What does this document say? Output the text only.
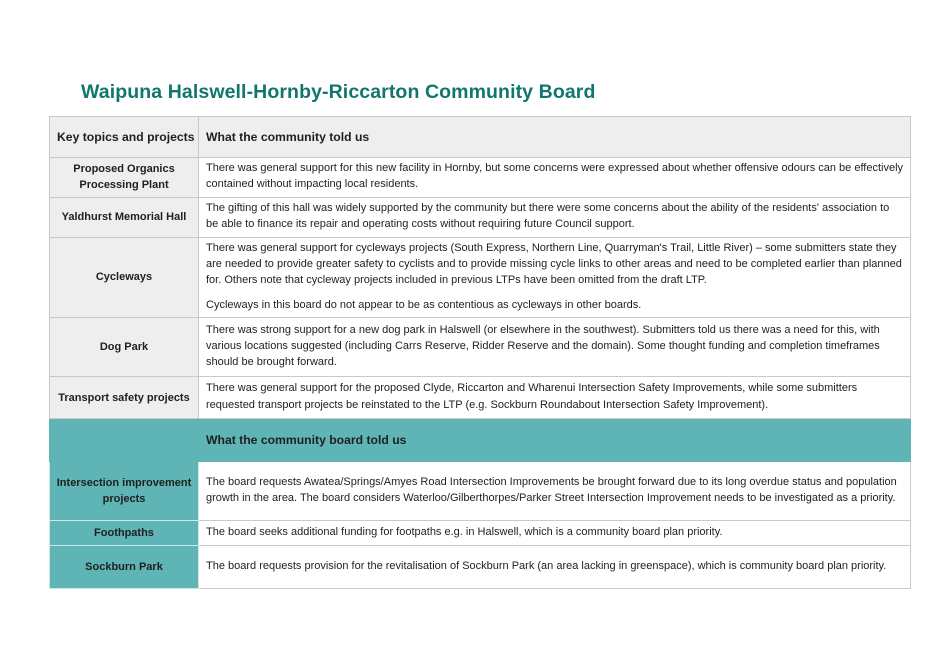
Waipuna Halswell-Hornby-Riccarton Community Board
Key topics and projects	What the community told us
Proposed Organics Processing Plant	There was general support for this new facility in Hornby, but some concerns were expressed about whether offensive odours can be effectively contained without impacting local residents.

Yaldhurst Memorial Hall	The gifting of this hall was widely supported by the community but there were some concerns about the ability of the residents' association to be able to finance its repair and operating costs without requiring future Council support.

Cycleways	There was general support for cycleways projects (South Express, Northern Line, Quarryman's Trail, Little River) – some submitters state they are needed to provide greater safety to cyclists and to provide missing cycle links to other areas and need to be completed earlier than planned for. Others note that cycleway projects included in previous LTPs have been omitted from the draft LTP.

Cycleways in this board do not appear to be as contentious as cycleways in other boards.

Dog Park	There was strong support for a new dog park in Halswell (or elsewhere in the southwest). Submitters told us there was a need for this, with various locations suggested (including Carrs Reserve, Ridder Reserve and the domain). Some thought funding and completion timeframes should be brought forward.

Transport safety projects	There was general support for the proposed Clyde, Riccarton and Wharenui Intersection Safety Improvements, while some submitters requested transport projects be reinstated to the LTP (e.g. Sockburn Roundabout Intersection Safety Improvement).

	What the community board told us
Intersection improvement projects	The board requests Awatea/Springs/Amyes Road Intersection Improvements be brought forward due to its long overdue status and population growth in the area. The board considers Waterloo/Gilberthorpes/Parker Street Intersection Improvement needs to be investigated as a priority.

Foothpaths	The board seeks additional funding for footpaths e.g. in Halswell, which is a community board plan priority.

Sockburn Park	The board requests provision for the revitalisation of Sockburn Park (an area lacking in greenspace), which is community board plan priority.
